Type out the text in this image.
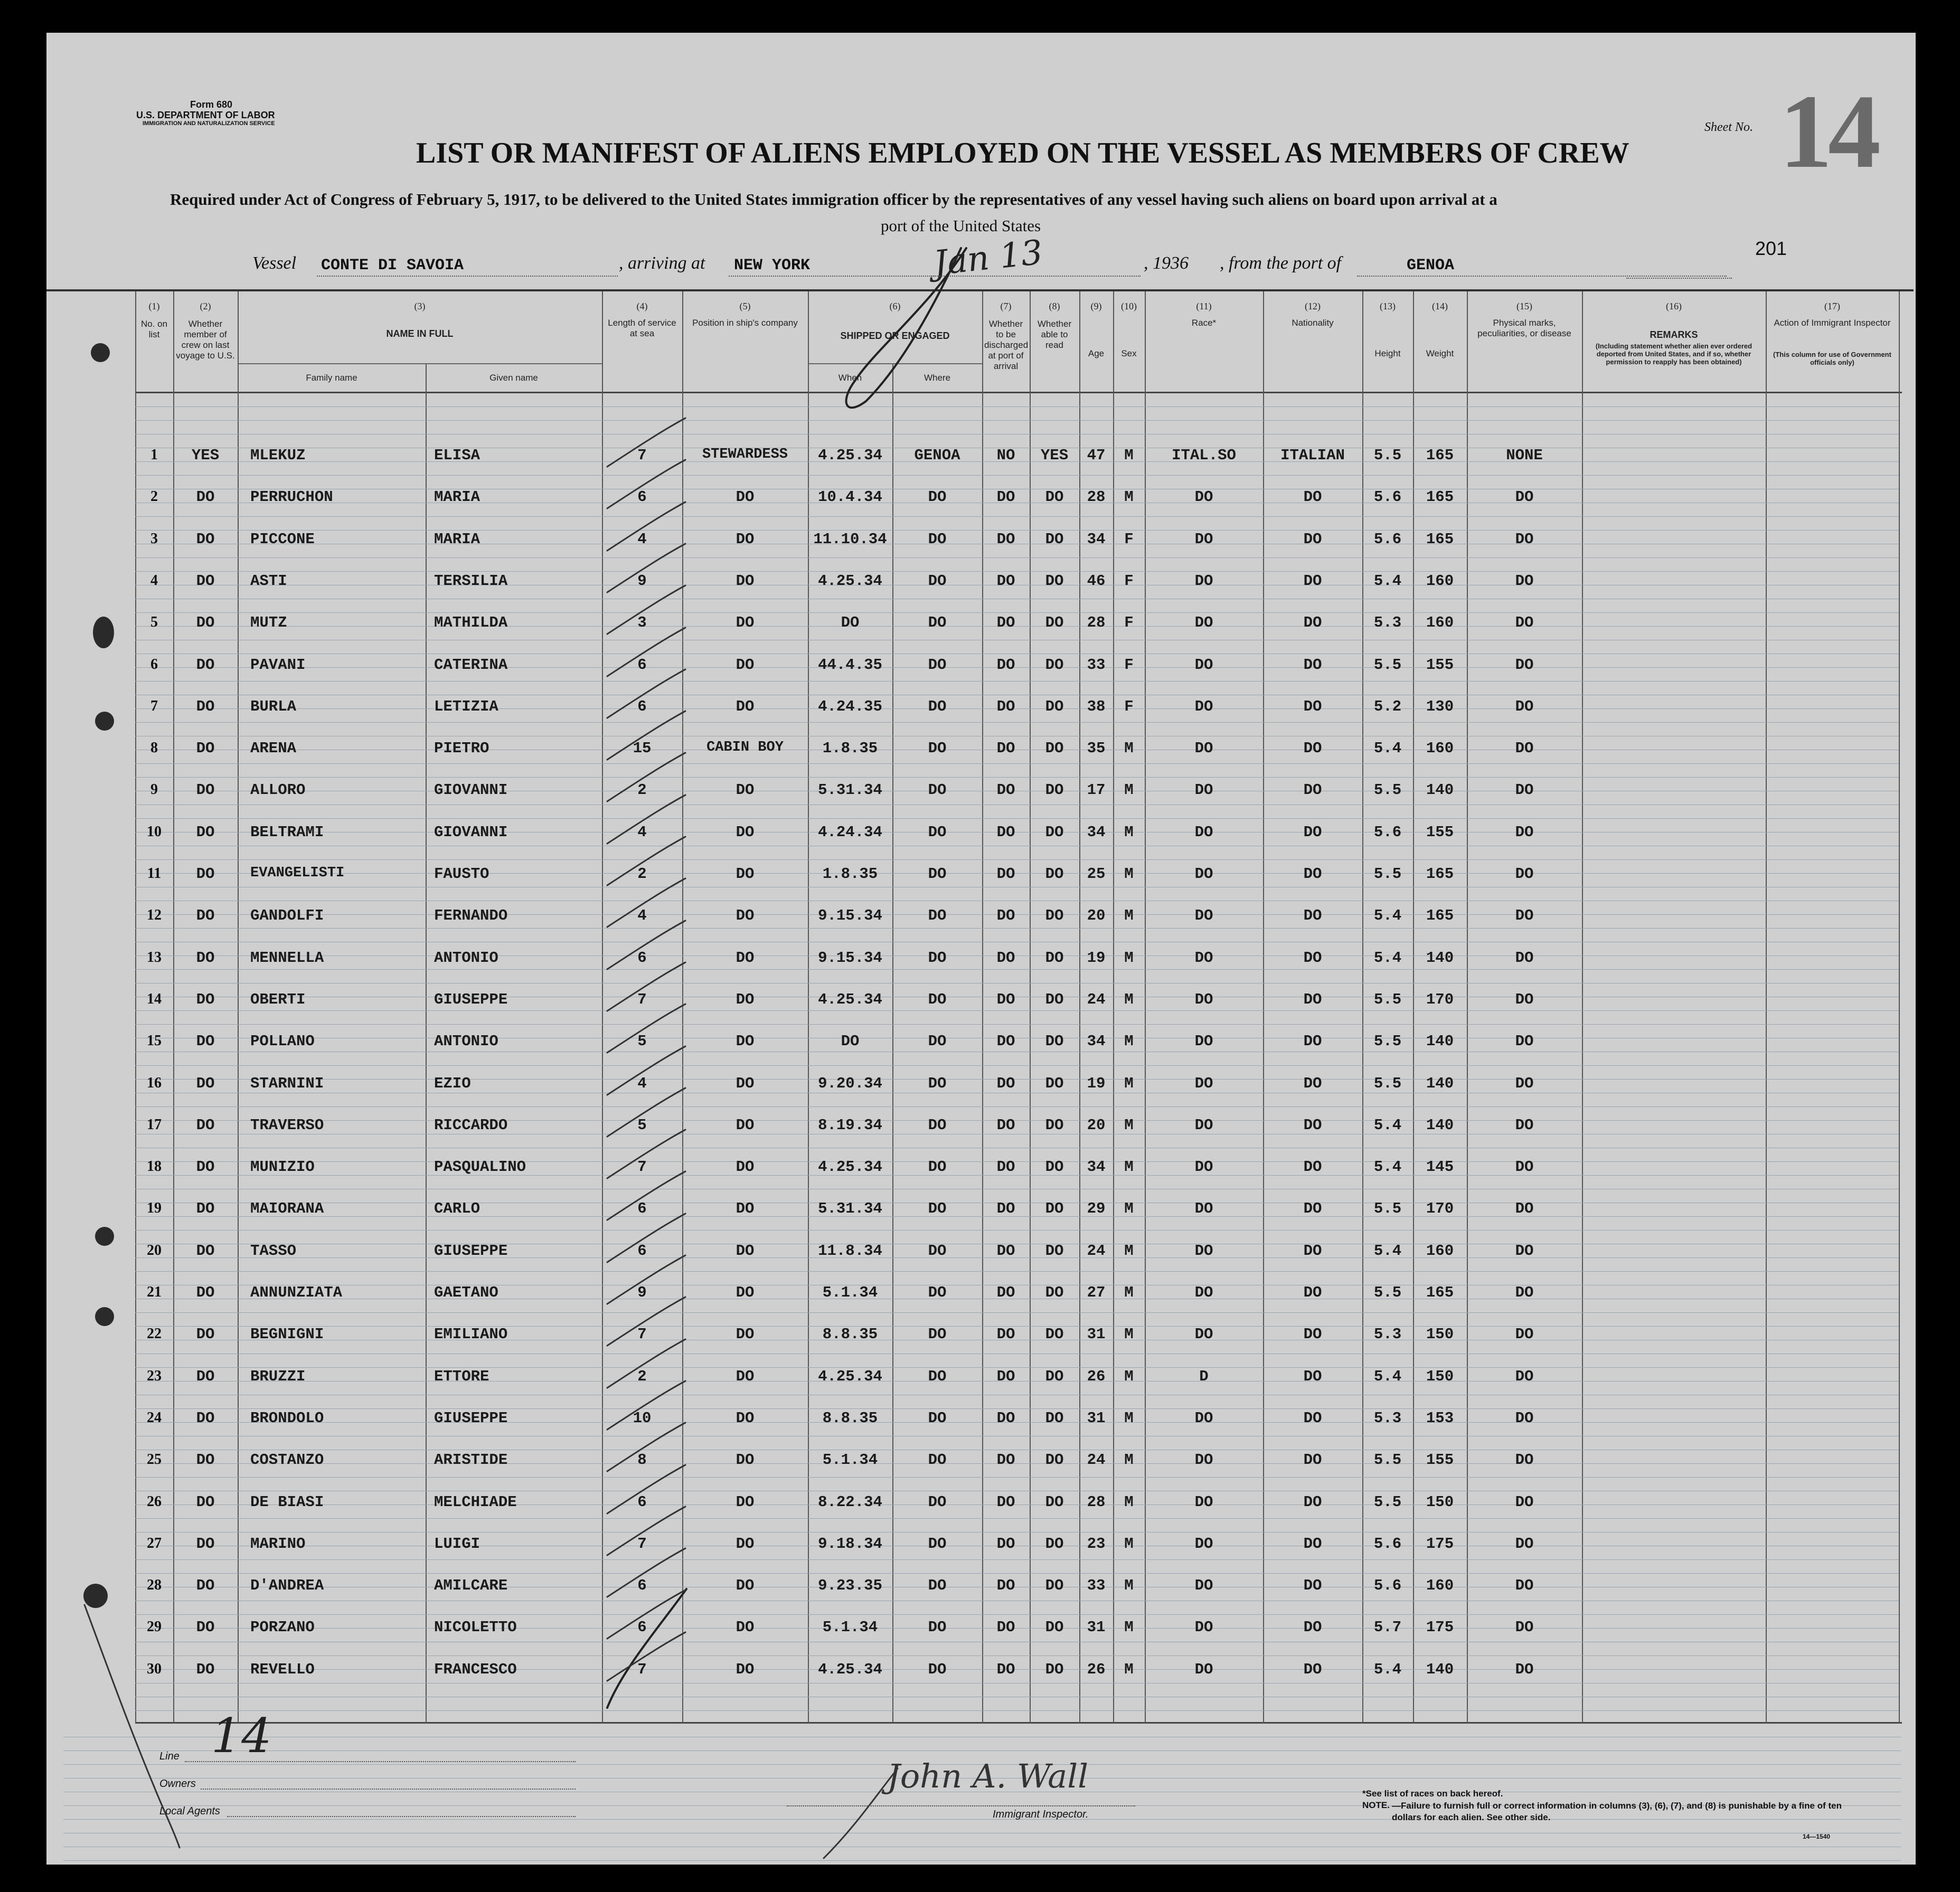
Form 680
U.S. DEPARTMENT OF LABOR
IMMIGRATION AND NATURALIZATION SERVICE	Sheet No. 14
LIST OR MANIFEST OF ALIENS EMPLOYED ON THE VESSEL AS MEMBERS OF CREW
Required under Act of Congress of February 5, 1917, to be delivered to the United States immigration officer by the representatives of any vessel having such aliens on board upon arrival at a
port of the United States
201
Vessel CONTE DI SAVOIA	, arriving at NEW YORK	Jan 13	, 1936 , from the port of	GENOA
(1)
No. on list
(2)
Whether member of crew on last voyage to U.S.
(3)
NAME IN FULL
Family name	Given name
(4)
Length of service at sea
(5)
Position in ship's company
(6)
SHIPPED OR ENGAGED
When	Where
(7)
Whether to be discharged at port of arrival
(8)
Whether able to read
(9)
Age
(10)
Sex
(11)
Race*
(12)
Nationality
(13)
Height
(14)
Weight
(15)
Physical marks, peculiarities, or disease
(16)
REMARKS
(Including statement whether alien ever ordered deported from United States, and if so, whether permission to reapply has been obtained)
(17)
Action of Immigrant Inspector
(This column for use of Government officials only)
1	YES	MLEKUZ	ELISA	7	STEWARDESS	4.25.34	GENOA	NO	YES	47	M	ITAL.SO	ITALIAN	5.5	165	NONE
2	DO	PERRUCHON	MARIA	6	DO	10.4.34	DO	DO	DO	28	M	DO	DO	5.6	165	DO
3	DO	PICCONE	MARIA	4	DO	11.10.34	DO	DO	DO	34	F	DO	DO	5.6	165	DO
4	DO	ASTI	TERSILIA	9	DO	4.25.34	DO	DO	DO	46	F	DO	DO	5.4	160	DO
5	DO	MUTZ	MATHILDA	3	DO	DO	DO	DO	DO	28	F	DO	DO	5.3	160	DO
6	DO	PAVANI	CATERINA	6	DO	44.4.35	DO	DO	DO	33	F	DO	DO	5.5	155	DO
7	DO	BURLA	LETIZIA	6	DO	4.24.35	DO	DO	DO	38	F	DO	DO	5.2	130	DO
8	DO	ARENA	PIETRO	15	CABIN BOY	1.8.35	DO	DO	DO	35	M	DO	DO	5.4	160	DO
9	DO	ALLORO	GIOVANNI	2	DO	5.31.34	DO	DO	DO	17	M	DO	DO	5.5	140	DO
10	DO	BELTRAMI	GIOVANNI	4	DO	4.24.34	DO	DO	DO	34	M	DO	DO	5.6	155	DO
11	DO	EVANGELISTI	FAUSTO	2	DO	1.8.35	DO	DO	DO	25	M	DO	DO	5.5	165	DO
12	DO	GANDOLFI	FERNANDO	4	DO	9.15.34	DO	DO	DO	20	M	DO	DO	5.4	165	DO
13	DO	MENNELLA	ANTONIO	6	DO	9.15.34	DO	DO	DO	19	M	DO	DO	5.4	140	DO
14	DO	OBERTI	GIUSEPPE	7	DO	4.25.34	DO	DO	DO	24	M	DO	DO	5.5	170	DO
15	DO	POLLANO	ANTONIO	5	DO	DO	DO	DO	DO	34	M	DO	DO	5.5	140	DO
16	DO	STARNINI	EZIO	4	DO	9.20.34	DO	DO	DO	19	M	DO	DO	5.5	140	DO
17	DO	TRAVERSO	RICCARDO	5	DO	8.19.34	DO	DO	DO	20	M	DO	DO	5.4	140	DO
18	DO	MUNIZIO	PASQUALINO	7	DO	4.25.34	DO	DO	DO	34	M	DO	DO	5.4	145	DO
19	DO	MAIORANA	CARLO	6	DO	5.31.34	DO	DO	DO	29	M	DO	DO	5.5	170	DO
20	DO	TASSO	GIUSEPPE	6	DO	11.8.34	DO	DO	DO	24	M	DO	DO	5.4	160	DO
21	DO	ANNUNZIATA	GAETANO	9	DO	5.1.34	DO	DO	DO	27	M	DO	DO	5.5	165	DO
22	DO	BEGNIGNI	EMILIANO	7	DO	8.8.35	DO	DO	DO	31	M	DO	DO	5.3	150	DO
23	DO	BRUZZI	ETTORE	2	DO	4.25.34	DO	DO	DO	26	M	D	DO	5.4	150	DO
24	DO	BRONDOLO	GIUSEPPE	10	DO	8.8.35	DO	DO	DO	31	M	DO	DO	5.3	153	DO
25	DO	COSTANZO	ARISTIDE	8	DO	5.1.34	DO	DO	DO	24	M	DO	DO	5.5	155	DO
26	DO	DE BIASI	MELCHIADE	6	DO	8.22.34	DO	DO	DO	28	M	DO	DO	5.5	150	DO
27	DO	MARINO	LUIGI	7	DO	9.18.34	DO	DO	DO	23	M	DO	DO	5.6	175	DO
28	DO	D'ANDREA	AMILCARE	6	DO	9.23.35	DO	DO	DO	33	M	DO	DO	5.6	160	DO
29	DO	PORZANO	NICOLETTO	6	DO	5.1.34	DO	DO	DO	31	M	DO	DO	5.7	175	DO
30	DO	REVELLO	FRANCESCO	7	DO	4.25.34	DO	DO	DO	26	M	DO	DO	5.4	140	DO
Line 14
Owners
Local Agents
John A. Wall
Immigrant Inspector.
*See list of races on back hereof.
NOTE. —Failure to furnish full or correct information in columns (3), (6), (7), and (8) is punishable by a fine of ten dollars for each alien. See other side.
14—1540
